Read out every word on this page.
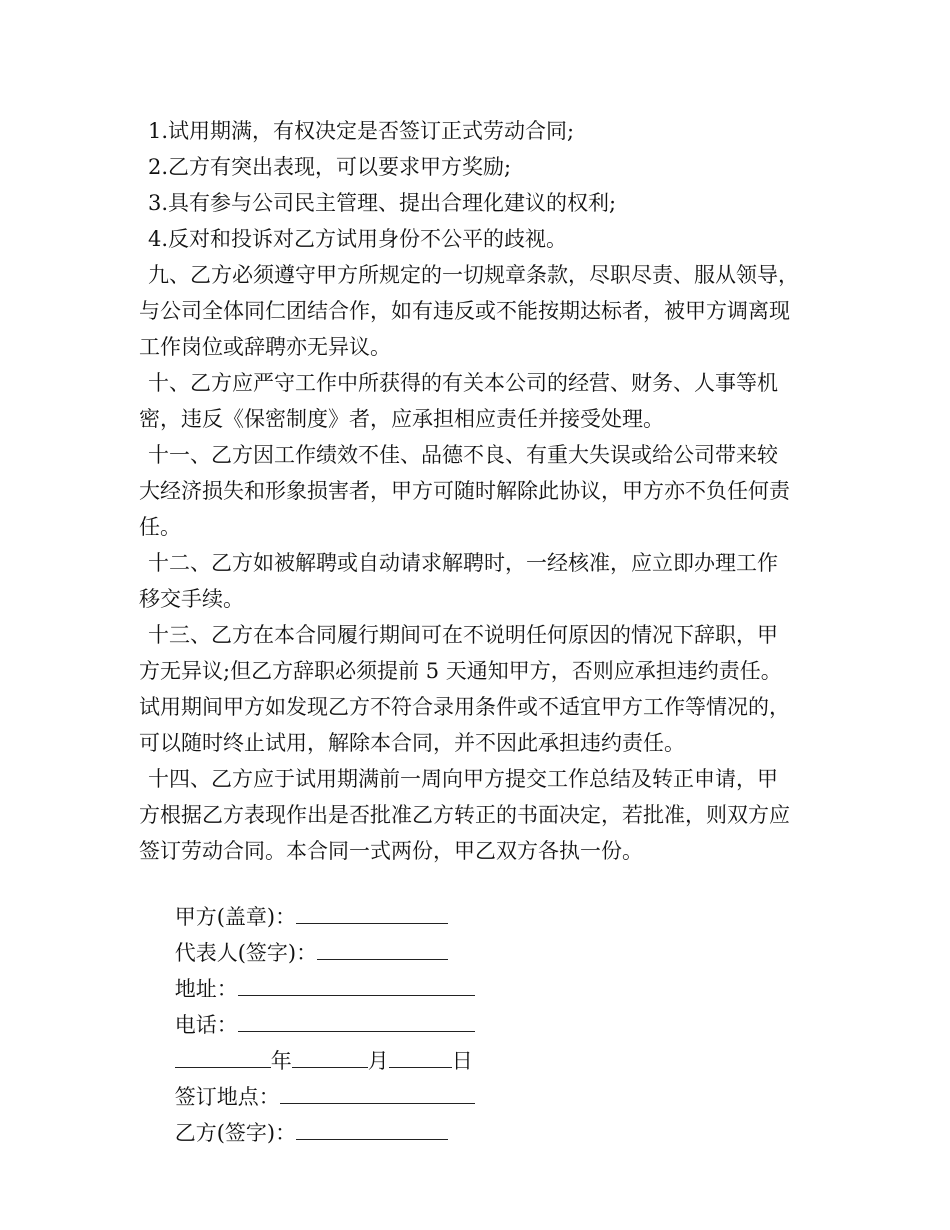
1.试用期满，有权决定是否签订正式劳动合同;
2.乙方有突出表现，可以要求甲方奖励;
3.具有参与公司民主管理、提出合理化建议的权利;
4.反对和投诉对乙方试用身份不公平的歧视。
九、乙方必须遵守甲方所规定的一切规章条款，尽职尽责、服从领导，
与公司全体同仁团结合作，如有违反或不能按期达标者，被甲方调离现
工作岗位或辞聘亦无异议。
十、乙方应严守工作中所获得的有关本公司的经营、财务、人事等机
密，违反《保密制度》者，应承担相应责任并接受处理。
十一、乙方因工作绩效不佳、品德不良、有重大失误或给公司带来较
大经济损失和形象损害者，甲方可随时解除此协议，甲方亦不负任何责
任。
十二、乙方如被解聘或自动请求解聘时，一经核准，应立即办理工作
移交手续。
十三、乙方在本合同履行期间可在不说明任何原因的情况下辞职，甲
方无异议;但乙方辞职必须提前 5 天通知甲方，否则应承担违约责任。
试用期间甲方如发现乙方不符合录用条件或不适宜甲方工作等情况的，
可以随时终止试用，解除本合同，并不因此承担违约责任。
十四、乙方应于试用期满前一周向甲方提交工作总结及转正申请，甲
方根据乙方表现作出是否批准乙方转正的书面决定，若批准，则双方应
签订劳动合同。本合同一式两份，甲乙双方各执一份。

甲方(盖章)：

代表人(签字)：

地址：

电话：

年	月	日

签订地点：

乙方(签字)：
